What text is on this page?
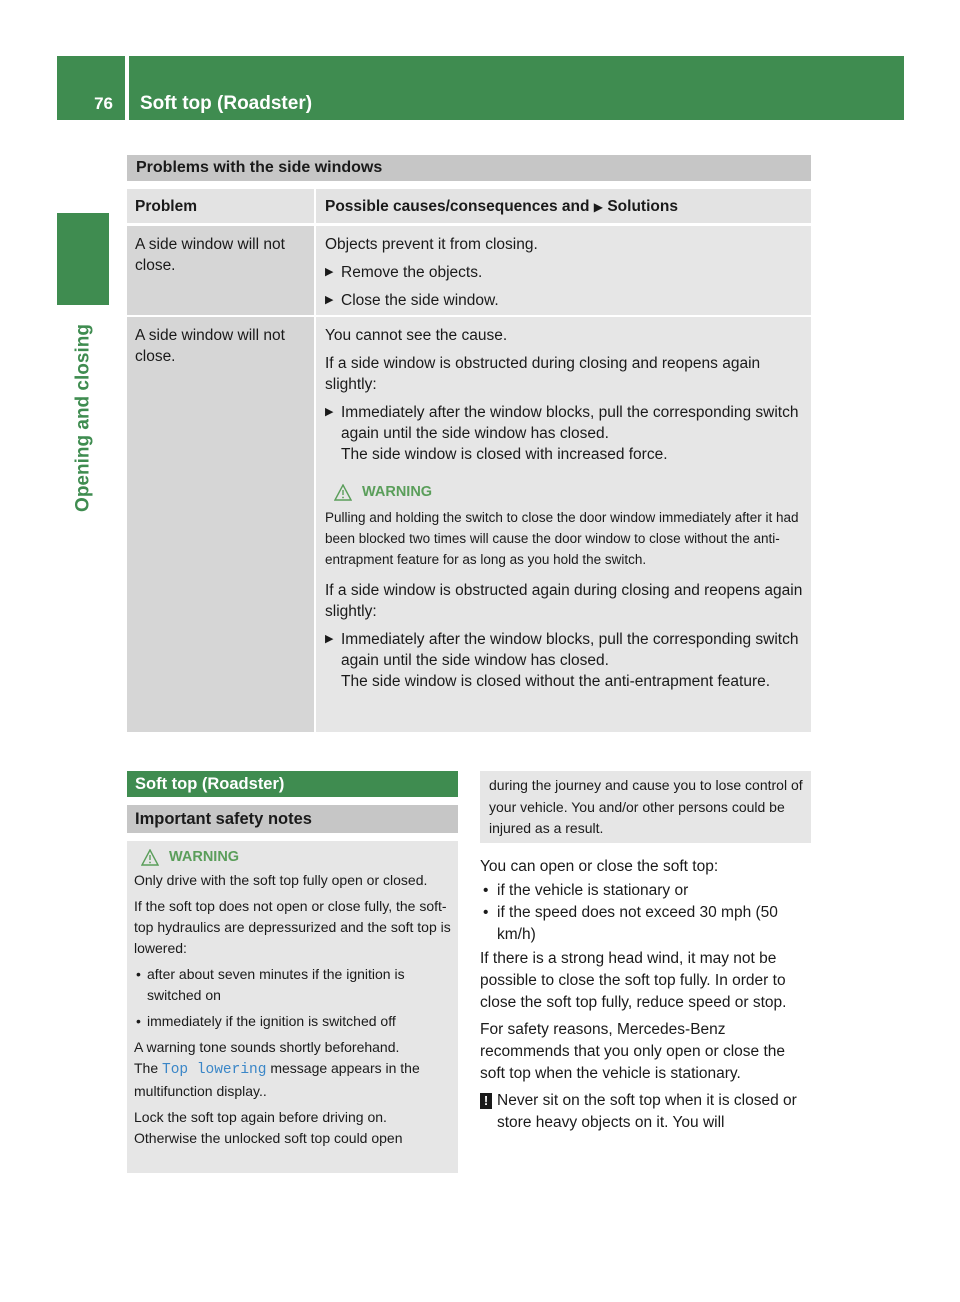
76 Soft top (Roadster)
Opening and closing
Problems with the side windows
Problem	Possible causes/consequences and ▶ Solutions
A side window will not close.
Objects prevent it from closing.
▶ Remove the objects.
▶ Close the side window.
A side window will not close.
You cannot see the cause.
If a side window is obstructed during closing and reopens again slightly:
▶ Immediately after the window blocks, pull the corresponding switch again until the side window has closed.
The side window is closed with increased force.
WARNING
Pulling and holding the switch to close the door window immediately after it had been blocked two times will cause the door window to close without the anti-entrapment feature for as long as you hold the switch.
If a side window is obstructed again during closing and reopens again slightly:
▶ Immediately after the window blocks, pull the corresponding switch again until the side window has closed.
The side window is closed without the anti-entrapment feature.
Soft top (Roadster)
Important safety notes
WARNING
Only drive with the soft top fully open or closed.
If the soft top does not open or close fully, the soft-top hydraulics are depressurized and the soft top is lowered:
• after about seven minutes if the ignition is switched on
• immediately if the ignition is switched off
A warning tone sounds shortly beforehand.
The Top lowering message appears in the multifunction display..
Lock the soft top again before driving on. Otherwise the unlocked soft top could open
during the journey and cause you to lose control of your vehicle. You and/or other persons could be injured as a result.
You can open or close the soft top:
• if the vehicle is stationary or
• if the speed does not exceed 30 mph (50 km/h)
If there is a strong head wind, it may not be possible to close the soft top fully. In order to close the soft top fully, reduce speed or stop.
For safety reasons, Mercedes-Benz recommends that you only open or close the soft top when the vehicle is stationary.
! Never sit on the soft top when it is closed or store heavy objects on it. You will
